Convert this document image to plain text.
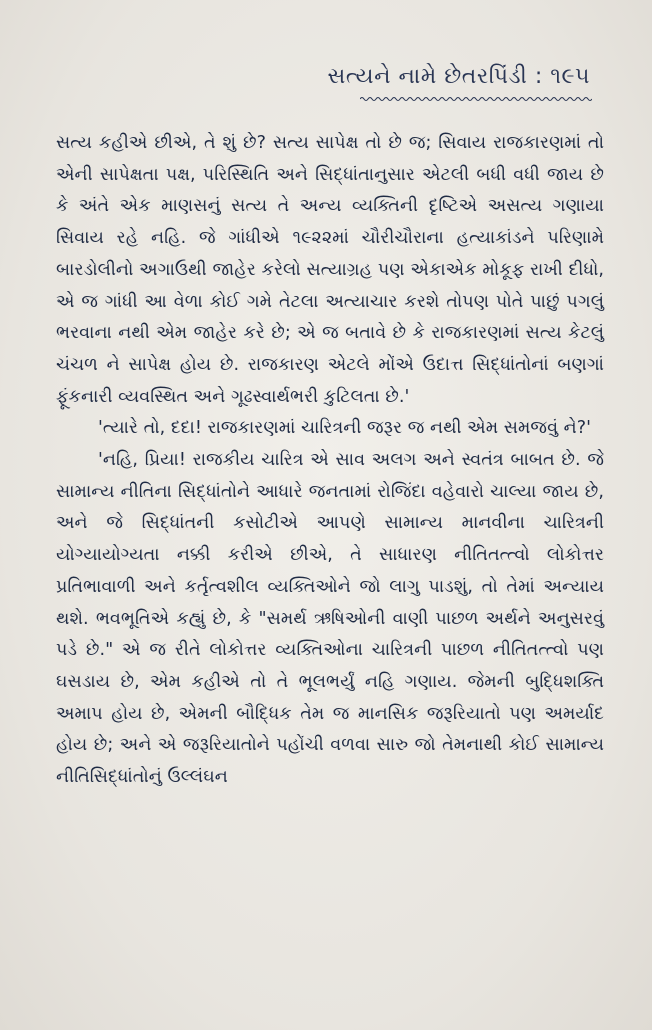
સત્યને નામે છેતરપિંડી : ૧૯૫

સત્ય કહીએ છીએ, તે શું છે? સત્ય સાપેક્ષ તો છે જ; સિવાય રાજકારણમાં તો એની સાપેક્ષતા પક્ષ, પરિસ્થિતિ અને સિદ્ધાંતાનુસાર એટલી બધી વધી જાય છે કે અંતે એક માણસનું સત્ય તે અન્ય વ્યક્તિની દૃષ્ટિએ અસત્ય ગણાયા સિવાય રહે નહિ. જે ગાંધીએ ૧૯૨૨માં ચૌરીચૌરાના હત્યાકાંડને પરિણામે બારડોલીનો અગાઉથી જાહેર કરેલો સત્યાગ્રહ પણ એકાએક મોકૂફ રાખી દીધો, એ જ ગાંધી આ વેળા કોઈ ગમે તેટલા અત્યાચાર કરશે તોપણ પોતે પાછું પગલું ભરવાના નથી એમ જાહેર કરે છે; એ જ બતાવે છે કે રાજકારણમાં સત્ય કેટલું ચંચળ ને સાપેક્ષ હોય છે. રાજકારણ એટલે મોંએ ઉદાત્ત સિદ્ધાંતોનાં બણગાં ફૂંકનારી વ્યવસ્થિત અને ગૂઢસ્વાર્થભરી કુટિલતા છે.'

'ત્યારે તો, દદા! રાજકારણમાં ચારિત્રની જરૂર જ નથી એમ સમજવું ને?'

'નહિ, પ્રિયા! રાજકીય ચારિત્ર એ સાવ અલગ અને સ્વતંત્ર બાબત છે. જે સામાન્ય નીતિના સિદ્ધાંતોને આધારે જનતામાં રોજિંદા વહેવારો ચાલ્યા જાય છે, અને જે સિદ્ધાંતની કસોટીએ આપણે સામાન્ય માનવીના ચારિત્રની યોગ્યાયોગ્યતા નક્કી કરીએ છીએ, તે સાધારણ નીતિતત્ત્વો લોકોત્તર પ્રતિભાવાળી અને કર્તૃત્વશીલ વ્યક્તિઓને જો લાગુ પાડશું, તો તેમાં અન્યાય થશે. ભવભૂતિએ કહ્યું છે, કે "સમર્થ ઋષિઓની વાણી પાછળ અર્થને અનુસરવું પડે છે." એ જ રીતે લોકોત્તર વ્યક્તિઓના ચારિત્રની પાછળ નીતિતત્ત્વો પણ ઘસડાય છે, એમ કહીએ તો તે ભૂલભર્યું નહિ ગણાય. જેમની બુદ્ધિશક્તિ અમાપ હોય છે, એમની બૌદ્ધિક તેમ જ માનસિક જરૂરિયાતો પણ અમર્યાદ હોય છે; અને એ જરૂરિયાતોને પહોંચી વળવા સારુ જો તેમનાથી કોઈ સામાન્ય નીતિસિદ્ધાંતોનું ઉલ્લંઘન
